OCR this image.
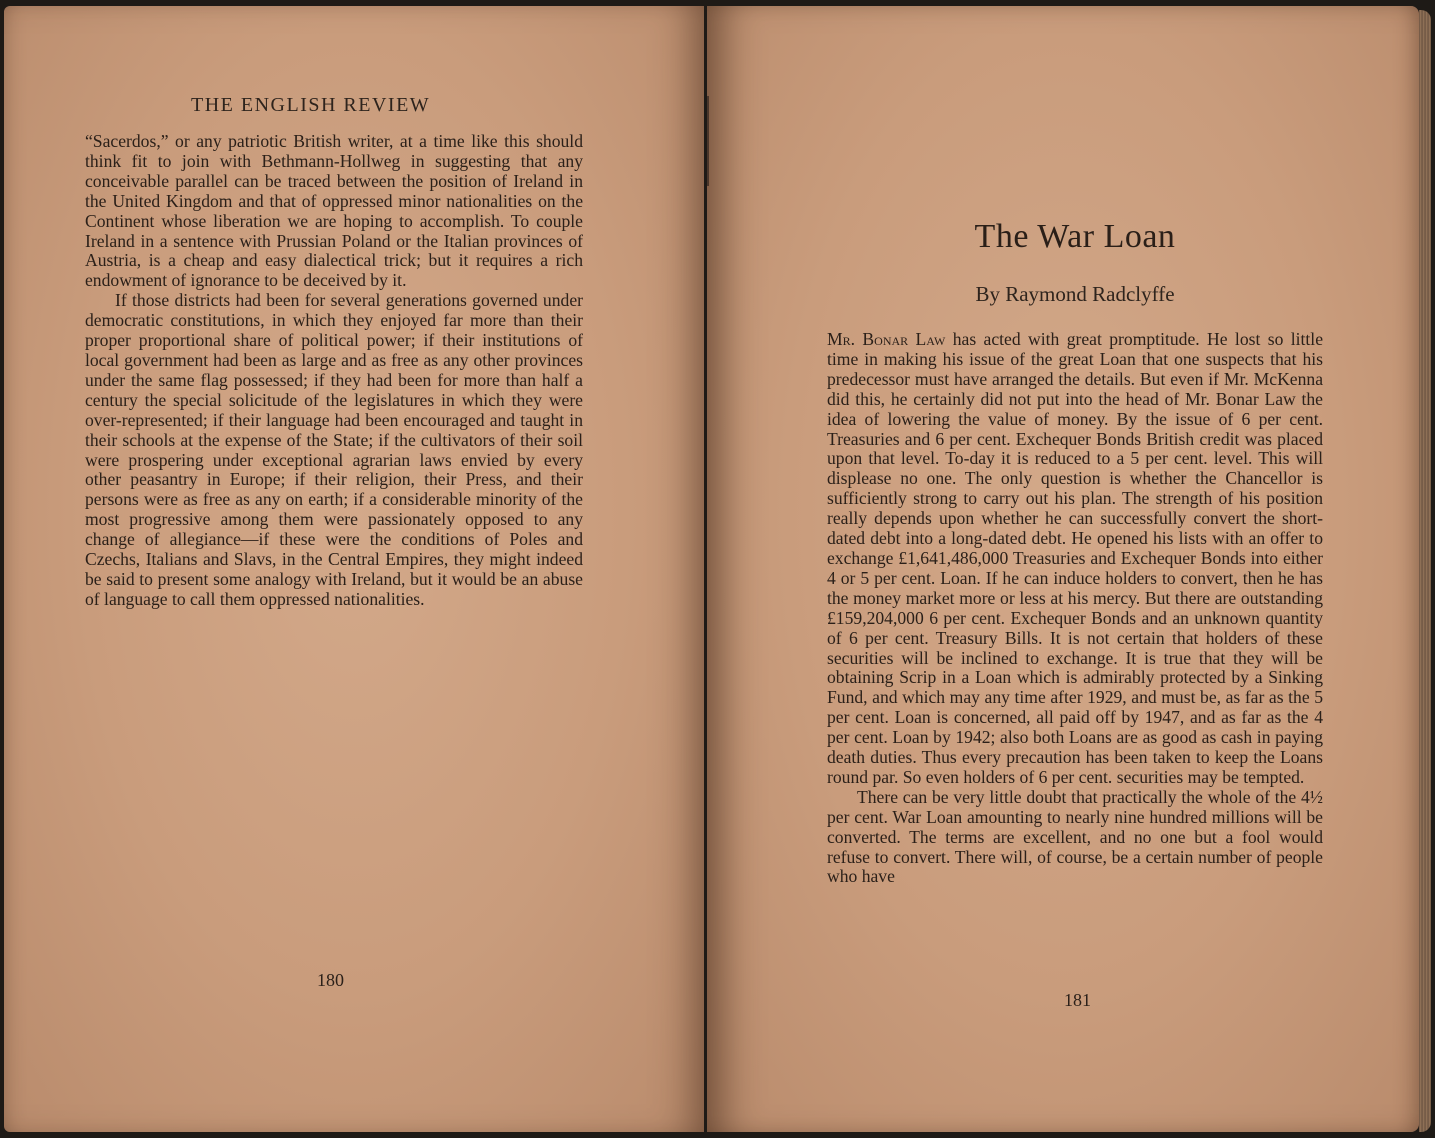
THE ENGLISH REVIEW

“Sacerdos,” or any patriotic British writer, at a time like this should think fit to join with Bethmann-Hollweg in suggesting that any conceivable parallel can be traced between the position of Ireland in the United Kingdom and that of oppressed minor nationalities on the Continent whose liberation we are hoping to accomplish. To couple Ireland in a sentence with Prussian Poland or the Italian provinces of Austria, is a cheap and easy dialectical trick; but it requires a rich endowment of ignorance to be deceived by it.

If those districts had been for several generations governed under democratic constitutions, in which they enjoyed far more than their proper proportional share of political power; if their institutions of local government had been as large and as free as any other provinces under the same flag possessed; if they had been for more than half a century the special solicitude of the legislatures in which they were over-represented; if their language had been encouraged and taught in their schools at the expense of the State; if the cultivators of their soil were prospering under exceptional agrarian laws envied by every other peasantry in Europe; if their religion, their Press, and their persons were as free as any on earth; if a considerable minority of the most progressive among them were passionately opposed to any change of allegiance—if these were the conditions of Poles and Czechs, Italians and Slavs, in the Central Empires, they might indeed be said to present some analogy with Ireland, but it would be an abuse of language to call them oppressed nationalities.

180
The War Loan
By Raymond Radclyffe

Mr. Bonar Law has acted with great promptitude. He lost so little time in making his issue of the great Loan that one suspects that his predecessor must have arranged the details. But even if Mr. McKenna did this, he certainly did not put into the head of Mr. Bonar Law the idea of lowering the value of money. By the issue of 6 per cent. Treasuries and 6 per cent. Exchequer Bonds British credit was placed upon that level. To-day it is reduced to a 5 per cent. level. This will displease no one. The only question is whether the Chancellor is sufficiently strong to carry out his plan. The strength of his position really depends upon whether he can successfully convert the short-dated debt into a long-dated debt. He opened his lists with an offer to exchange £1,641,486,000 Treasuries and Exchequer Bonds into either 4 or 5 per cent. Loan. If he can induce holders to convert, then he has the money market more or less at his mercy. But there are outstanding £159,204,000 6 per cent. Exchequer Bonds and an unknown quantity of 6 per cent. Treasury Bills. It is not certain that holders of these securities will be inclined to exchange. It is true that they will be obtaining Scrip in a Loan which is admirably protected by a Sinking Fund, and which may any time after 1929, and must be, as far as the 5 per cent. Loan is concerned, all paid off by 1947, and as far as the 4 per cent. Loan by 1942; also both Loans are as good as cash in paying death duties. Thus every precaution has been taken to keep the Loans round par. So even holders of 6 per cent. securities may be tempted.

There can be very little doubt that practically the whole of the 4½ per cent. War Loan amounting to nearly nine hundred millions will be converted. The terms are excellent, and no one but a fool would refuse to convert. There will, of course, be a certain number of people who have

181
